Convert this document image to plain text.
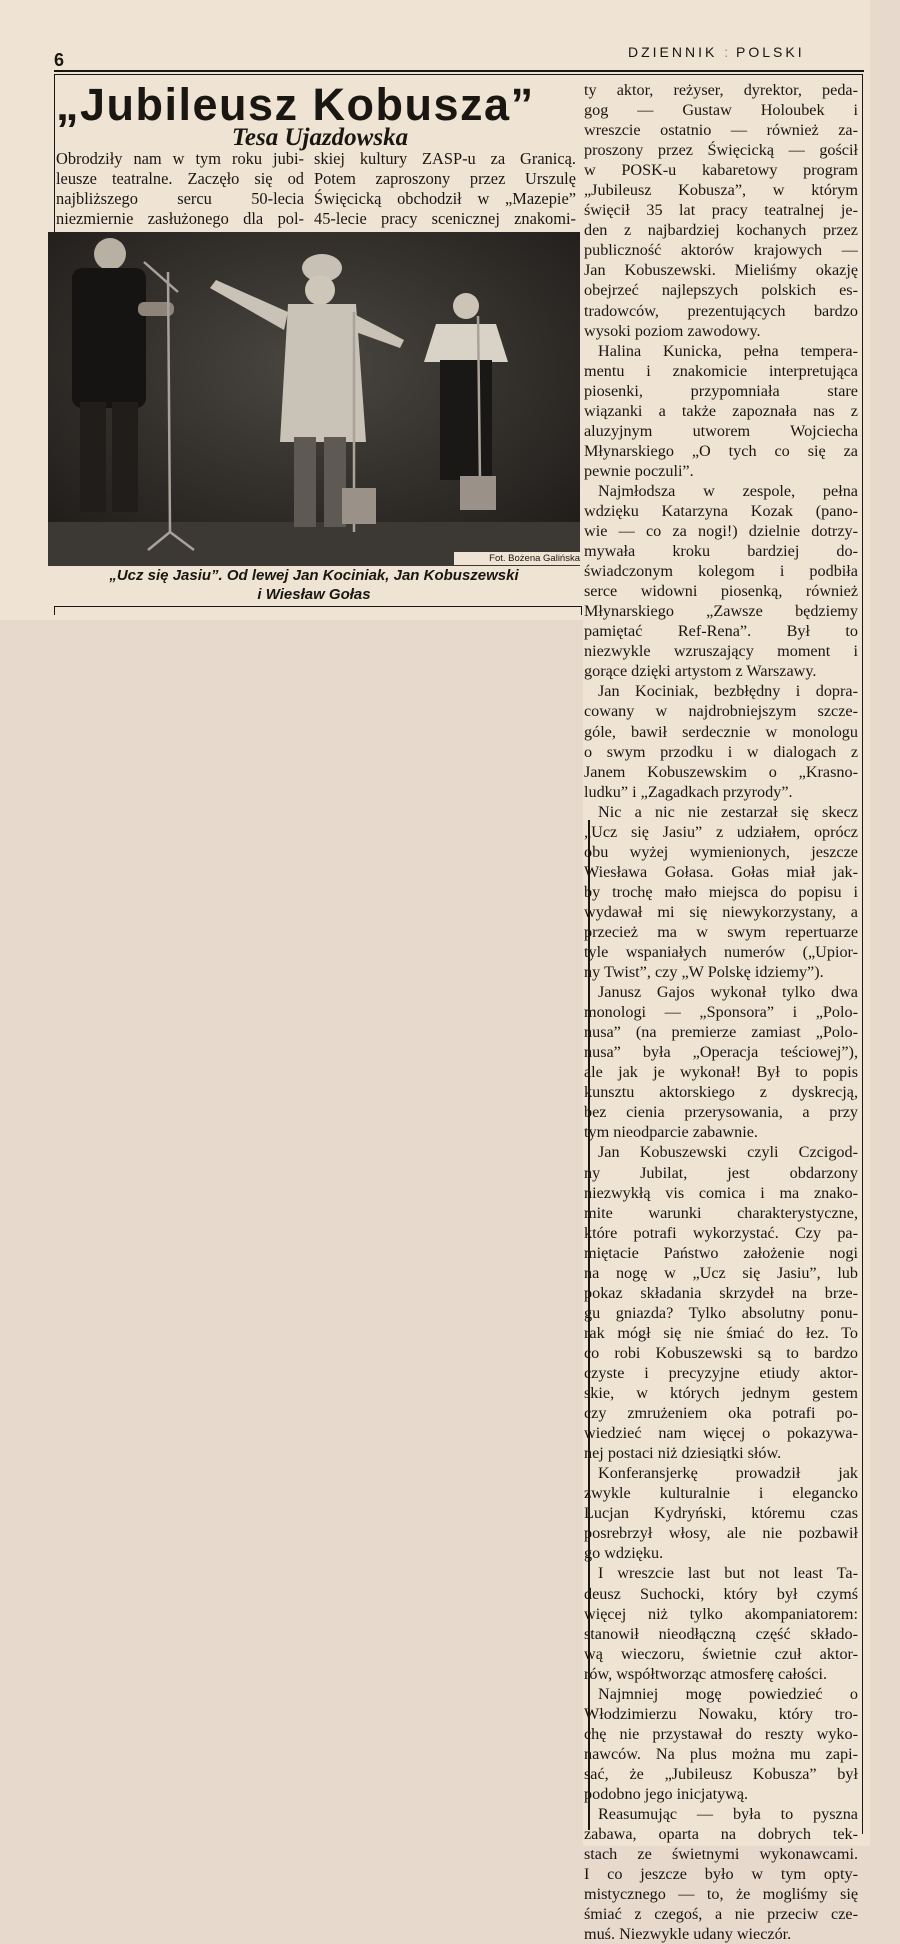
6	DZIENNIK : POLSKI
„Jubileusz Kobusza”
Tesa Ujazdowska

Obrodziły nam w tym roku jubi-

leusze teatralne. Zaczęło się od

najbliższego sercu 50-lecia

niezmiernie zasłużonego dla pol-

skiej kultury ZASP-u za Granicą.

Potem zaproszony przez Urszulę

Święcicką obchodził w „Mazepie”

45-lecie pracy scenicznej znakomi-

Fot. Bożena Galińska
„Ucz się Jasiu”. Od lewej Jan Kociniak, Jan Kobuszewski
i Wiesław Gołas
ty aktor, reżyser, dyrektor, peda-
gog — Gustaw Holoubek i
wreszcie ostatnio — również za-
proszony przez Święcicką — gościł
w POSK-u kabaretowy program
„Jubileusz Kobusza”, w którym
święcił 35 lat pracy teatralnej je-
den z najbardziej kochanych przez
publiczność aktorów krajowych —
Jan Kobuszewski. Mieliśmy okazję
obejrzeć najlepszych polskich es-
tradowców, prezentujących bardzo
wysoki poziom zawodowy.
Halina Kunicka, pełna tempera-
mentu i znakomicie interpretująca
piosenki, przypomniała stare
wiązanki a także zapoznała nas z
aluzyjnym utworem Wojciecha
Młynarskiego „O tych co się za
pewnie poczuli”.
Najmłodsza w zespole, pełna
wdzięku Katarzyna Kozak (pano-
wie — co za nogi!) dzielnie dotrzy-
mywała kroku bardziej do-
świadczonym kolegom i podbiła
serce widowni piosenką, również
Młynarskiego „Zawsze będziemy
pamiętać Ref-Rena”. Był to
niezwykle wzruszający moment i
gorące dzięki artystom z Warszawy.
Jan Kociniak, bezbłędny i dopra-
cowany w najdrobniejszym szcze-
góle, bawił serdecznie w monologu
o swym przodku i w dialogach z
Janem Kobuszewskim o „Krasno-
ludku” i „Zagadkach przyrody”.
Nic a nic nie zestarzał się skecz
„Ucz się Jasiu” z udziałem, oprócz
obu wyżej wymienionych, jeszcze
Wiesława Gołasa. Gołas miał jak-
by trochę mało miejsca do popisu i
wydawał mi się niewykorzystany, a
przecież ma w swym repertuarze
tyle wspaniałych numerów („Upior-
ny Twist”, czy „W Polskę idziemy”).
Janusz Gajos wykonał tylko dwa
monologi — „Sponsora” i „Polo-
nusa” (na premierze zamiast „Polo-
nusa” była „Operacja teściowej”),
ale jak je wykonał! Był to popis
kunsztu aktorskiego z dyskrecją,
bez cienia przerysowania, a przy
tym nieodparcie zabawnie.
Jan Kobuszewski czyli Czcigod-
ny Jubilat, jest obdarzony
niezwykłą vis comica i ma znako-
mite warunki charakterystyczne,
które potrafi wykorzystać. Czy pa-
miętacie Państwo założenie nogi
na nogę w „Ucz się Jasiu”, lub
pokaz składania skrzydeł na brze-
gu gniazda? Tylko absolutny ponu-
rak mógł się nie śmiać do łez. To
co robi Kobuszewski są to bardzo
czyste i precyzyjne etiudy aktor-
skie, w których jednym gestem
czy zmrużeniem oka potrafi po-
wiedzieć nam więcej o pokazywa-
nej postaci niż dziesiątki słów.
Konferansjerkę prowadził jak
zwykle kulturalnie i elegancko
Lucjan Kydryński, któremu czas
posrebrzył włosy, ale nie pozbawił
go wdzięku.
I wreszcie last but not least Ta-
deusz Suchocki, który był czymś
więcej niż tylko akompaniatorem:
stanowił nieodłączną część składo-
wą wieczoru, świetnie czuł aktor-
rów, współtworząc atmosferę całości.
Najmniej mogę powiedzieć o
Włodzimierzu Nowaku, który tro-
chę nie przystawał do reszty wyko-
nawców. Na plus można mu zapi-
sać, że „Jubileusz Kobusza” był
podobno jego inicjatywą.
Reasumując — była to pyszna
zabawa, oparta na dobrych tek-
stach ze świetnymi wykonawcami.
I co jeszcze było w tym opty-
mistycznego — to, że mogliśmy się
śmiać z czegoś, a nie przeciw cze-
muś. Niezwykle udany wieczór.
